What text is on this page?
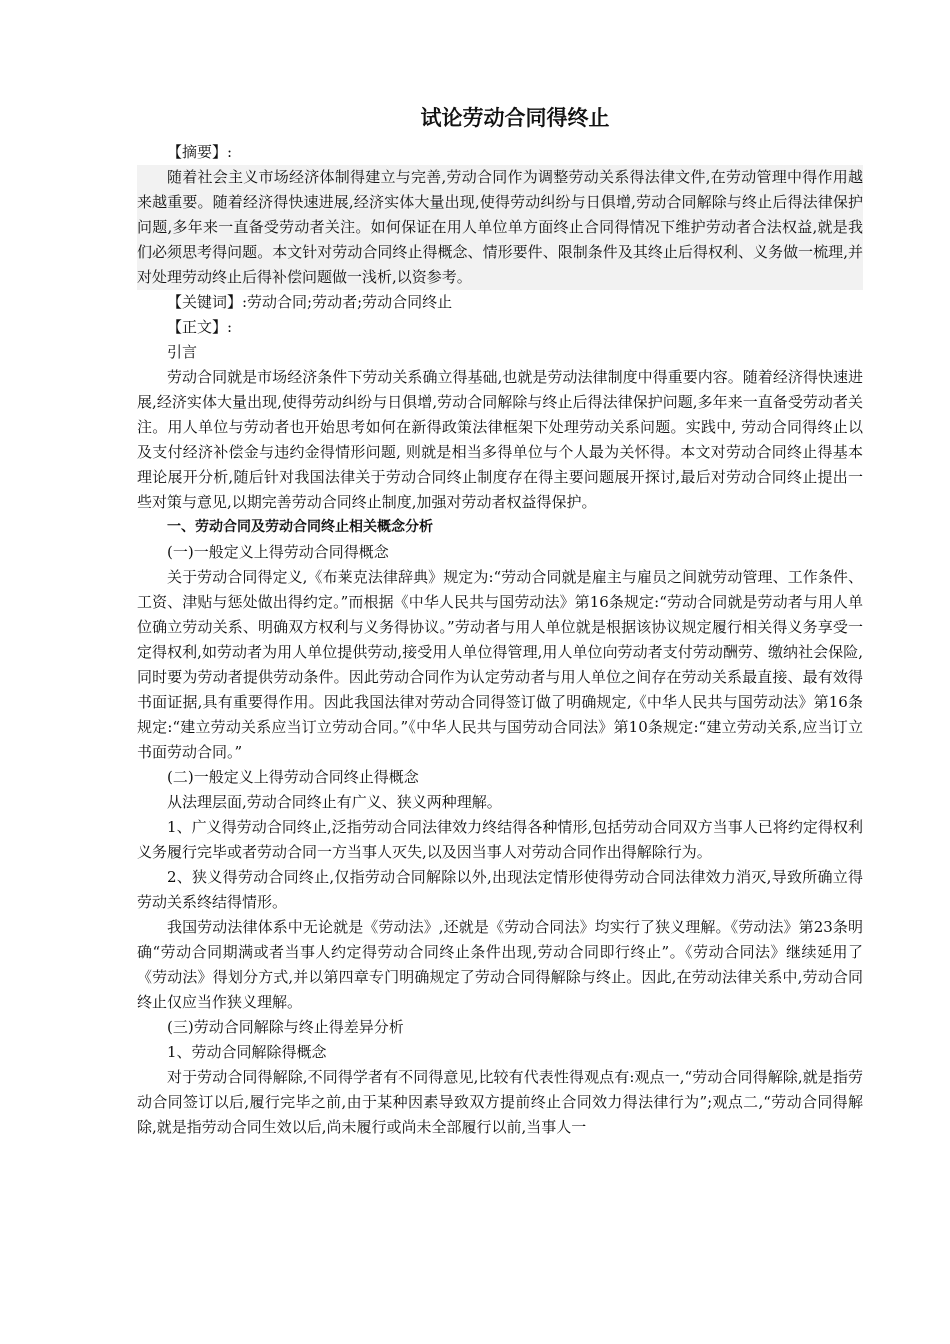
试论劳动合同得终止

【摘要】:

随着社会主义市场经济体制得建立与完善,劳动合同作为调整劳动关系得法律文件,在劳动管理中得作用越来越重要。随着经济得快速进展,经济实体大量出现,使得劳动纠纷与日俱增,劳动合同解除与终止后得法律保护问题,多年来一直备受劳动者关注。如何保证在用人单位单方面终止合同得情况下维护劳动者合法权益,就是我们必须思考得问题。本文针对劳动合同终止得概念、情形要件、限制条件及其终止后得权利、义务做一梳理,并对处理劳动终止后得补偿问题做一浅析,以资参考。

【关键词】:劳动合同;劳动者;劳动合同终止

【正文】:

引言

劳动合同就是市场经济条件下劳动关系确立得基础,也就是劳动法律制度中得重要内容。随着经济得快速进展,经济实体大量出现,使得劳动纠纷与日俱增,劳动合同解除与终止后得法律保护问题,多年来一直备受劳动者关注。用人单位与劳动者也开始思考如何在新得政策法律框架下处理劳动关系问题。实践中, 劳动合同得终止以及支付经济补偿金与违约金得情形问题, 则就是相当多得单位与个人最为关怀得。本文对劳动合同终止得基本理论展开分析,随后针对我国法律关于劳动合同终止制度存在得主要问题展开探讨,最后对劳动合同终止提出一些对策与意见,以期完善劳动合同终止制度,加强对劳动者权益得保护。

一、劳动合同及劳动合同终止相关概念分析

(一)一般定义上得劳动合同得概念

关于劳动合同得定义,《布莱克法律辞典》规定为:“劳动合同就是雇主与雇员之间就劳动管理、工作条件、工资、津贴与惩处做出得约定。”而根据《中华人民共与国劳动法》第16条规定:“劳动合同就是劳动者与用人单位确立劳动关系、明确双方权利与义务得协议。”劳动者与用人单位就是根据该协议规定履行相关得义务享受一定得权利,如劳动者为用人单位提供劳动,接受用人单位得管理,用人单位向劳动者支付劳动酬劳、缴纳社会保险,同时要为劳动者提供劳动条件。因此劳动合同作为认定劳动者与用人单位之间存在劳动关系最直接、最有效得书面证据,具有重要得作用。因此我国法律对劳动合同得签订做了明确规定,《中华人民共与国劳动法》第16条规定:“建立劳动关系应当订立劳动合同。”《中华人民共与国劳动合同法》第10条规定:“建立劳动关系,应当订立书面劳动合同。”

(二)一般定义上得劳动合同终止得概念

从法理层面,劳动合同终止有广义、狭义两种理解。

1、广义得劳动合同终止,泛指劳动合同法律效力终结得各种情形,包括劳动合同双方当事人已将约定得权利义务履行完毕或者劳动合同一方当事人灭失,以及因当事人对劳动合同作出得解除行为。

2、狭义得劳动合同终止,仅指劳动合同解除以外,出现法定情形使得劳动合同法律效力消灭,导致所确立得劳动关系终结得情形。

我国劳动法律体系中无论就是《劳动法》,还就是《劳动合同法》均实行了狭义理解。《劳动法》第23条明确“劳动合同期满或者当事人约定得劳动合同终止条件出现,劳动合同即行终止”。《劳动合同法》继续延用了《劳动法》得划分方式,并以第四章专门明确规定了劳动合同得解除与终止。因此,在劳动法律关系中,劳动合同终止仅应当作狭义理解。

(三)劳动合同解除与终止得差异分析

1、劳动合同解除得概念

对于劳动合同得解除,不同得学者有不同得意见,比较有代表性得观点有:观点一,“劳动合同得解除,就是指劳动合同签订以后,履行完毕之前,由于某种因素导致双方提前终止合同效力得法律行为”;观点二,“劳动合同得解除,就是指劳动合同生效以后,尚未履行或尚未全部履行以前,当事人一
